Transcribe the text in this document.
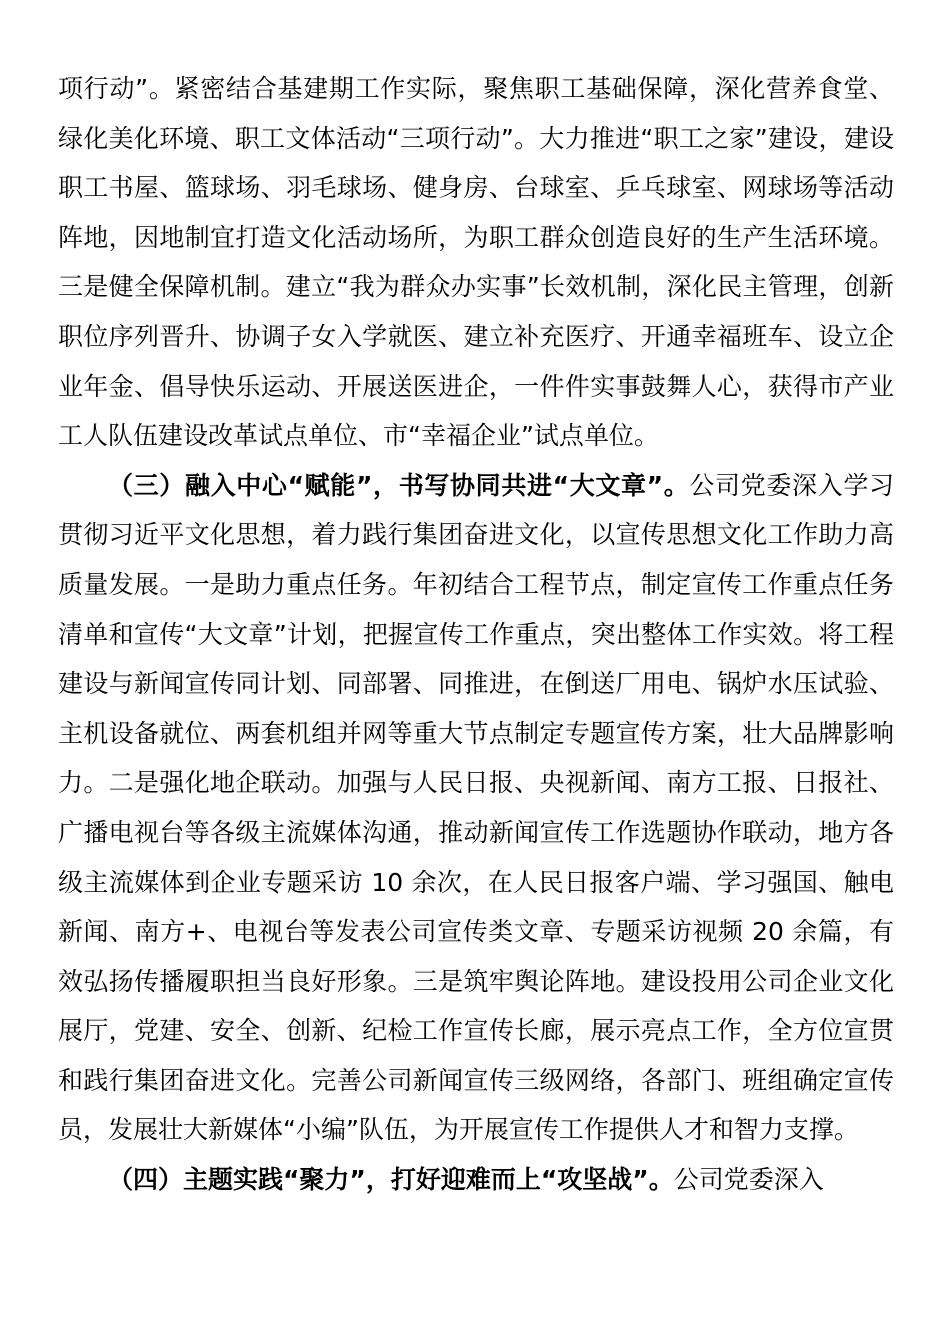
项行动”。紧密结合基建期工作实际，聚焦职工基础保障，深化营养食堂、绿化美化环境、职工文体活动“三项行动”。大力推进“职工之家”建设，建设职工书屋、篮球场、羽毛球场、健身房、台球室、乒乓球室、网球场等活动阵地，因地制宜打造文化活动场所，为职工群众创造良好的生产生活环境。三是健全保障机制。建立“我为群众办实事”长效机制，深化民主管理，创新职位序列晋升、协调子女入学就医、建立补充医疗、开通幸福班车、设立企业年金、倡导快乐运动、开展送医进企，一件件实事鼓舞人心，获得市产业工人队伍建设改革试点单位、市“幸福企业”试点单位。

（三）融入中心“赋能”，书写协同共进“大文章”。公司党委深入学习贯彻习近平文化思想，着力践行集团奋进文化，以宣传思想文化工作助力高质量发展。一是助力重点任务。年初结合工程节点，制定宣传工作重点任务清单和宣传“大文章”计划，把握宣传工作重点，突出整体工作实效。将工程建设与新闻宣传同计划、同部署、同推进，在倒送厂用电、锅炉水压试验、主机设备就位、两套机组并网等重大节点制定专题宣传方案，壮大品牌影响力。二是强化地企联动。加强与人民日报、央视新闻、南方工报、日报社、广播电视台等各级主流媒体沟通，推动新闻宣传工作选题协作联动，地方各级主流媒体到企业专题采访 10 余次，在人民日报客户端、学习强国、触电新闻、南方+、电视台等发表公司宣传类文章、专题采访视频 20 余篇，有效弘扬传播履职担当良好形象。三是筑牢舆论阵地。建设投用公司企业文化展厅，党建、安全、创新、纪检工作宣传长廊，展示亮点工作，全方位宣贯和践行集团奋进文化。完善公司新闻宣传三级网络，各部门、班组确定宣传员，发展壮大新媒体“小编”队伍，为开展宣传工作提供人才和智力支撑。

（四）主题实践“聚力”，打好迎难而上“攻坚战”。公司党委深入
